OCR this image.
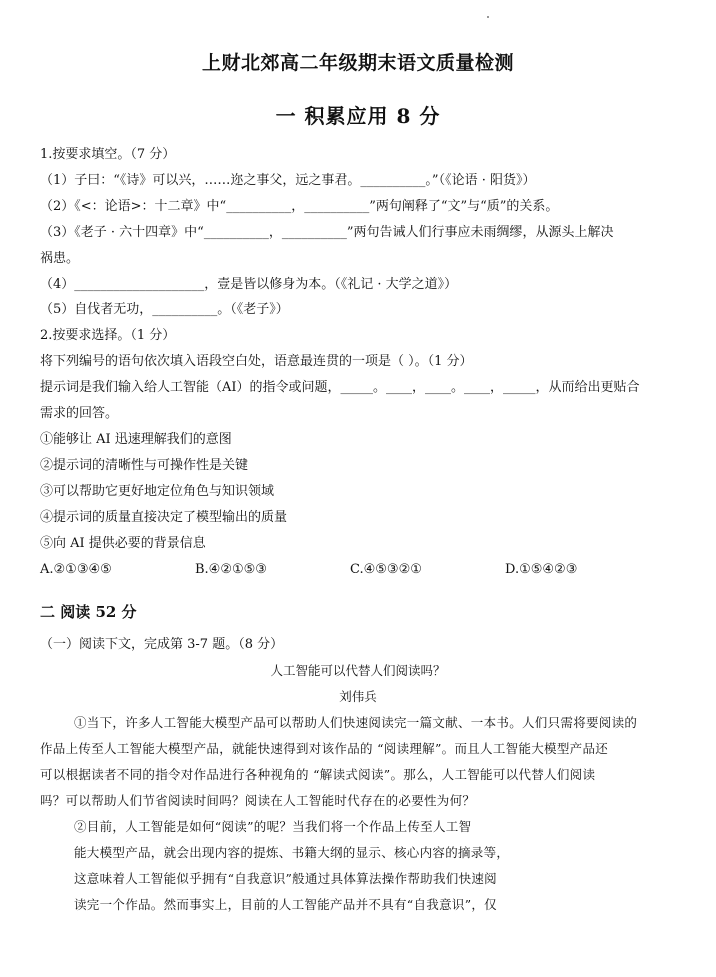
上财北郊高二年级期末语文质量检测
一 积累应用 8 分
1.按要求填空。（7 分）
（1）子曰：“《诗》可以兴，……迩之事父，远之事君。__________。”（《论语 · 阳货》）
（2）《<：论语>：十二章》中“__________，__________”两句阐释了“文”与“质”的关系。
（3）《老子 · 六十四章》中“__________，__________”两句告诫人们行事应未雨绸缪，从源头上解决
祸患。
（4）____________________，壹是皆以修身为本。（《礼记 · 大学之道》）
（5）自伐者无功，__________。（《老子》）
2.按要求选择。（1 分）
将下列编号的语句依次填入语段空白处，语意最连贯的一项是（ ）。（1 分）
提示词是我们输入给人工智能（AI）的指令或问题，_____。____，____。____，_____，从而给出更贴合
需求的回答。
①能够让 AI 迅速理解我们的意图
②提示词的清晰性与可操作性是关键
③可以帮助它更好地定位角色与知识领域
④提示词的质量直接决定了模型输出的质量
⑤向 AI 提供必要的背景信息
A.②①③④⑤	B.④②①⑤③	C.④⑤③②①	D.①⑤④②③
二 阅读 52 分
（一）阅读下文，完成第 3-7 题。（8 分）
人工智能可以代替人们阅读吗？
刘伟兵
①当下，许多人工智能大模型产品可以帮助人们快速阅读完一篇文献、一本书。人们只需将要阅读的
作品上传至人工智能大模型产品，就能快速得到对该作品的 “阅读理解”。而且人工智能大模型产品还
可以根据读者不同的指令对作品进行各种视角的 “解读式阅读”。那么，人工智能可以代替人们阅读
吗？可以帮助人们节省阅读时间吗？阅读在人工智能时代存在的必要性为何？
②目前，人工智能是如何“阅读”的呢？当我们将一个作品上传至人工智
能大模型产品，就会出现内容的提炼、书籍大纲的显示、核心内容的摘录等，
这意味着人工智能似乎拥有“自我意识”般通过具体算法操作帮助我们快速阅
读完一个作品。然而事实上，目前的人工智能产品并不具有“自我意识”，仅
